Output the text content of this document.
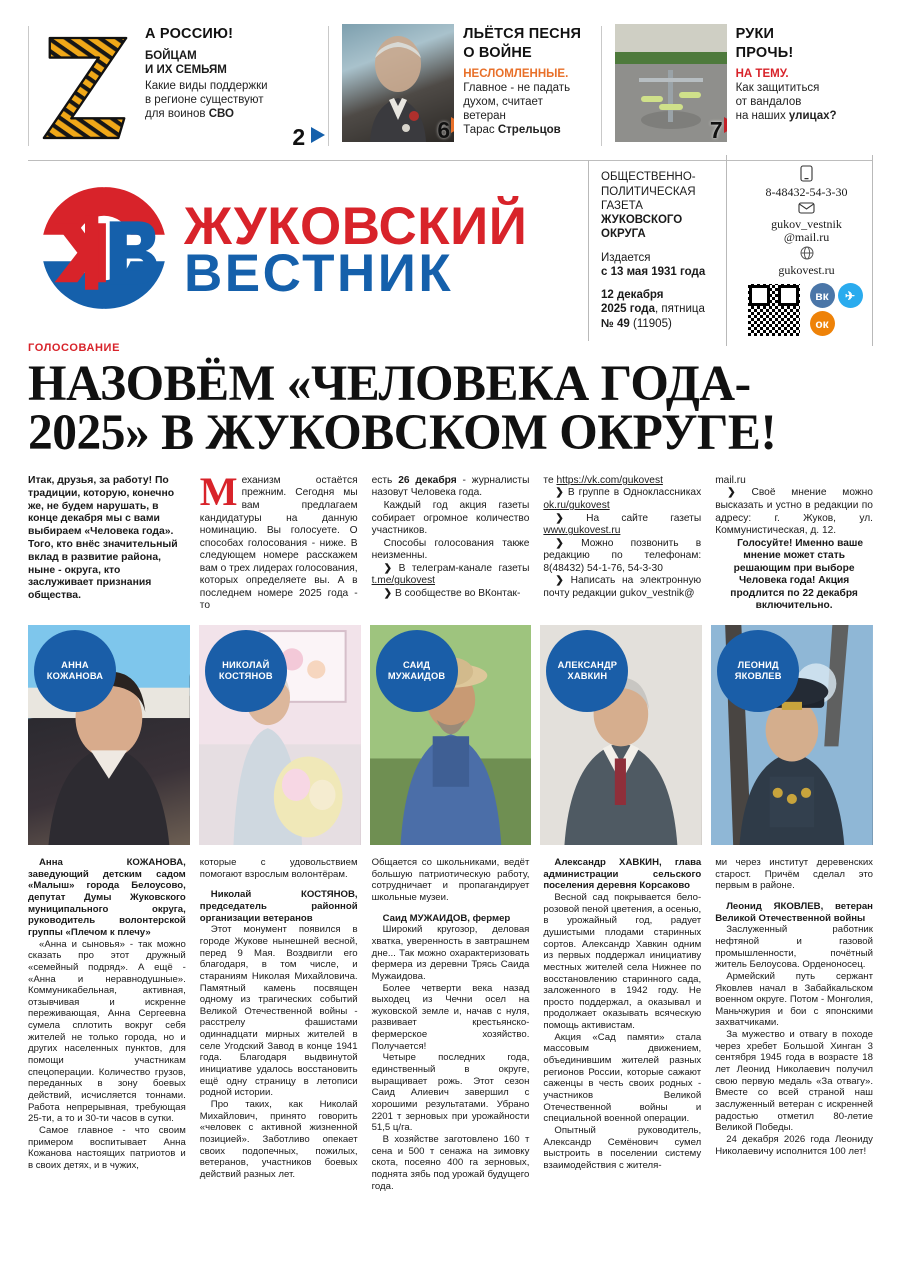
А РОССИЮ!
БОЙЦАМ
И ИХ СЕМЬЯМ
Какие виды поддержки
в регионе существуют
для воинов СВО
2	6
ЛЬЁТСЯ ПЕСНЯ
О ВОЙНЕ
НЕСЛОМЛЕННЫЕ.
Главное - не падать
духом, считает
ветеран
Тарас Стрельцов	7
РУКИ
ПРОЧЬ!
НА ТЕМУ.
Как защититься
от вандалов
на наших улицах?
ЖУКОВСКИЙ
ВЕСТНИК
ОБЩЕСТВЕННО-
ПОЛИТИЧЕСКАЯ
ГАЗЕТА
ЖУКОВСКОГО
ОКРУГА
Издается
с 13 мая 1931 года
12 декабря
2025 года, пятница
№ 49 (11905)
8-48432-54-3-30
gukov_vestnik
@mail.ru
gukovest.ru
вк	✈
ок
ГОЛОСОВАНИЕ
НАЗОВЁМ «ЧЕЛОВЕКА ГОДА-
2025» В ЖУКОВСКОМ ОКРУГЕ!

Итак, друзья, за работу! По традиции, которую, конечно же, не будем нарушать, в конце декабря мы с вами выбираем «Человека года». Того, кто внёс значительный вклад в развитие района, ныне - округа, кто заслуживает признания общества.

М еханизм остаётся прежним. Сегодня мы вам предлагаем кандидатуры на данную номинацию. Вы голосуете. О способах голосования - ниже. В следующем номере расскажем вам о трех лидерах голосования, которых определяете вы. А в последнем номере 2025 года - то

есть 26 декабря - журналисты назовут Человека года.

Каждый год акция газеты собирает огромное количество участников.

Способы голосования также неизменны.

❯ В телеграм-канале газеты t.me/gukovest

❯ В сообществе во ВКонтак-

те https://vk.com/gukovest

❯ В группе в Одноклассниках ok.ru/gukovest

❯ На сайте газеты www.gukovest.ru

❯ Можно позвонить в редакцию по телефонам: 8(48432) 54-1-76, 54-3-30

❯ Написать на электронную почту редакции gukov_vestnik@

mail.ru

❯ Своё мнение можно высказать и устно в редакции по адресу: г. Жуков, ул. Коммунистическая, д. 12.

Голосуйте! Именно ваше мнение может стать решающим при выборе Человека года! Акция продлится по 22 декабря включительно.

АННА
КОЖАНОВА
НИКОЛАЙ
КОСТЯНОВ
САИД
МУЖАИДОВ
АЛЕКСАНДР
ХАВКИН
ЛЕОНИД
ЯКОВЛЕВ

Анна КОЖАНОВА, заведующий детским садом «Малыш» города Белоусово, депутат Думы Жуковского муниципального округа, руководитель волонтерской группы «Плечом к плечу»

«Анна и сыновья» - так можно сказать про этот дружный «семейный подряд». А ещё - «Анна и неравнодушные». Коммуникабельная, активная, отзывчивая и искренне переживающая, Анна Сергеевна сумела сплотить вокруг себя жителей не только города, но и других населенных пунктов, для помощи участникам спецоперации. Количество грузов, переданных в зону боевых действий, исчисляется тоннами. Работа непрерывная, требующая 25-ти, а то и 30-ти часов в сутки.

Самое главное - что своим примером воспитывает Анна Кожанова настоящих патриотов и в своих детях, и в чужих,

которые с удовольствием помогают взрослым волонтёрам.

Николай КОСТЯНОВ, председатель районной организации ветеранов

Этот монумент появился в городе Жукове нынешней весной, перед 9 Мая. Воздвигли его благодаря, в том числе, и стараниям Николая Михайловича. Памятный камень посвящен одному из трагических событий Великой Отечественной войны - расстрелу фашистами одиннадцати мирных жителей в селе Угодский Завод в конце 1941 года. Благодаря выдвинутой инициативе удалось восстановить ещё одну страницу в летописи родной истории.

Про таких, как Николай Михайлович, принято говорить «человек с активной жизненной позицией». Заботливо опекает своих подопечных, пожилых, ветеранов, участников боевых действий разных лет.

Общается со школьниками, ведёт большую патриотическую работу, сотрудничает и пропагандирует школьные музеи.

Саид МУЖАИДОВ, фермер

Широкий кругозор, деловая хватка, уверенность в завтрашнем дне... Так можно охарактеризовать фермера из деревни Трясь Саида Мужаидова.

Более четверти века назад выходец из Чечни осел на жуковской земле и, начав с нуля, развивает крестьянско-фермерское хозяйство. Получается!

Четыре последних года, единственный в округе, выращивает рожь. Этот сезон Саид Алиевич завершил с хорошими результатами. Убрано 2201 т зерновых при урожайности 51,5 ц/га.

В хозяйстве заготовлено 160 т сена и 500 т сенажа на зимовку скота, посеяно 400 га зерновых, поднята зябь под урожай будущего года.

Александр ХАВКИН, глава администрации сельского поселения деревня Корсаково

Весной сад покрывается бело-розовой пеной цветения, а осенью, в урожайный год, радует душистыми плодами старинных сортов. Александр Хавкин одним из первых поддержал инициативу местных жителей села Нижнее по восстановлению старинного сада, заложенного в 1942 году. Не просто поддержал, а оказывал и продолжает оказывать всяческую помощь активистам.

Акция «Сад памяти» стала массовым движением, объединившим жителей разных регионов России, которые сажают саженцы в честь своих родных - участников Великой Отечественной войны и специальной военной операции.

Опытный руководитель, Александр Семёнович сумел выстроить в поселении систему взаимодействия с жителя-

ми через институт деревенских старост. Причём сделал это первым в районе.

Леонид ЯКОВЛЕВ, ветеран Великой Отечественной войны

Заслуженный работник нефтяной и газовой промышленности, почётный житель Белоусова. Орденоносец.

Армейский путь сержант Яковлев начал в Забайкальском военном округе. Потом - Монголия, Маньчжурия и бои с японскими захватчиками.

За мужество и отвагу в походе через хребет Большой Хинган 3 сентября 1945 года в возрасте 18 лет Леонид Николаевич получил свою первую медаль «За отвагу». Вместе со всей страной наш заслуженный ветеран с искренней радостью отметил 80-летие Великой Победы.

24 декабря 2026 года Леониду Николаевичу исполнится 100 лет!
